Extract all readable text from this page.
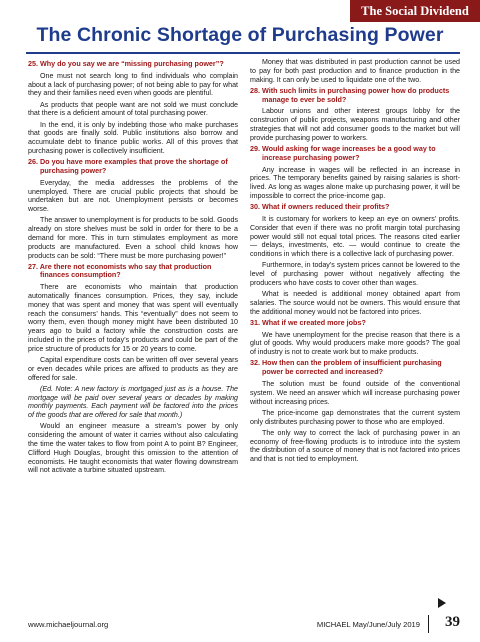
The Social Dividend
The Chronic Shortage of Purchasing Power

25. Why do you say we are “missing purchasing power”?

One must not search long to find individuals who complain about a lack of purchasing power; of not being able to pay for what they and their families need even when goods are plentiful.

As products that people want are not sold we must conclude that there is a deficient amount of total purchasing power.

In the end, it is only by indebting those who make purchases that goods are finally sold. Public institutions also borrow and accumulate debt to finance public works. All of this proves that purchasing power is collectively insufficient.

26. Do you have more examples that prove the shortage of purchasing power?

Everyday, the media addresses the problems of the unemployed. There are crucial public projects that should be undertaken but are not. Unemployment persists or becomes worse.

The answer to unemployment is for products to be sold. Goods already on store shelves must be sold in order for there to be a demand for more. This in turn stimulates employment as more products are manufactured. Even a school child knows how products can be sold: “There must be more purchasing power!”

27. Are there not economists who say that production finances consumption?

There are economists who maintain that production automatically finances consumption. Prices, they say, include money that was spent and money that was spent will eventually reach the consumers’ hands. This “eventually” does not seem to worry them, even though money might have been distributed 10 years ago to build a factory while the construction costs are included in the prices of today’s products and could be part of the price structure of products for 15 or 20 years to come.

Capital expenditure costs can be written off over several years or even decades while prices are affixed to products as they are offered for sale.

(Ed. Note: A new factory is mortgaged just as is a house. The mortgage will be paid over several years or decades by making monthly payments. Each payment will be factored into the prices of the goods that are offered for sale that month.)

Would an engineer measure a stream’s power by only considering the amount of water it carries without also calculating the time the water takes to flow from point A to point B? Engineer, Clifford Hugh Douglas, brought this omission to the attention of economists. He taught economists that water flowing downstream will not activate a turbine situated upstream.

Money that was distributed in past production cannot be used to pay for both past production and to finance production in the making. It can only be used to liquidate one of the two.

28. With such limits in purchasing power how do products manage to ever be sold?

Labour unions and other interest groups lobby for the construction of public projects, weapons manufacturing and other strategies that will not add consumer goods to the market but will provide purchasing power to workers.

29. Would asking for wage increases be a good way to increase purchasing power?

Any increase in wages will be reflected in an increase in prices. The temporary benefits gained by raising salaries is short-lived. As long as wages alone make up purchasing power, it will be impossible to correct the price-income gap.

30. What if owners reduced their profits?

It is customary for workers to keep an eye on owners’ profits. Consider that even if there was no profit margin total purchasing power would still not equal total prices. The reasons cited earlier — delays, investments, etc. — would continue to create the conditions in which there is a collective lack of purchasing power.

Furthermore, in today’s system prices cannot be lowered to the level of purchasing power without negatively affecting the producers who have costs to cover other than wages.

What is needed is additional money obtained apart from salaries. The source would not be owners. This would ensure that the additional money would not be factored into prices.

31. What if we created more jobs?

We have unemployment for the precise reason that there is a glut of goods. Why would producers make more goods? The goal of industry is not to create work but to make products.

32. How then can the problem of insufficient purchasing power be corrected and increased?

The solution must be found outside of the conventional system. We need an answer which will increase purchasing power without increasing prices.

The price-income gap demonstrates that the current system only distributes purchasing power to those who are employed.

The only way to correct the lack of purchasing power in an economy of free-flowing products is to introduce into the system the distribution of a source of money that is not factored into prices and that is not tied to employment.

www.michaeljournal.org	MICHAEL May/June/July 2019 39
